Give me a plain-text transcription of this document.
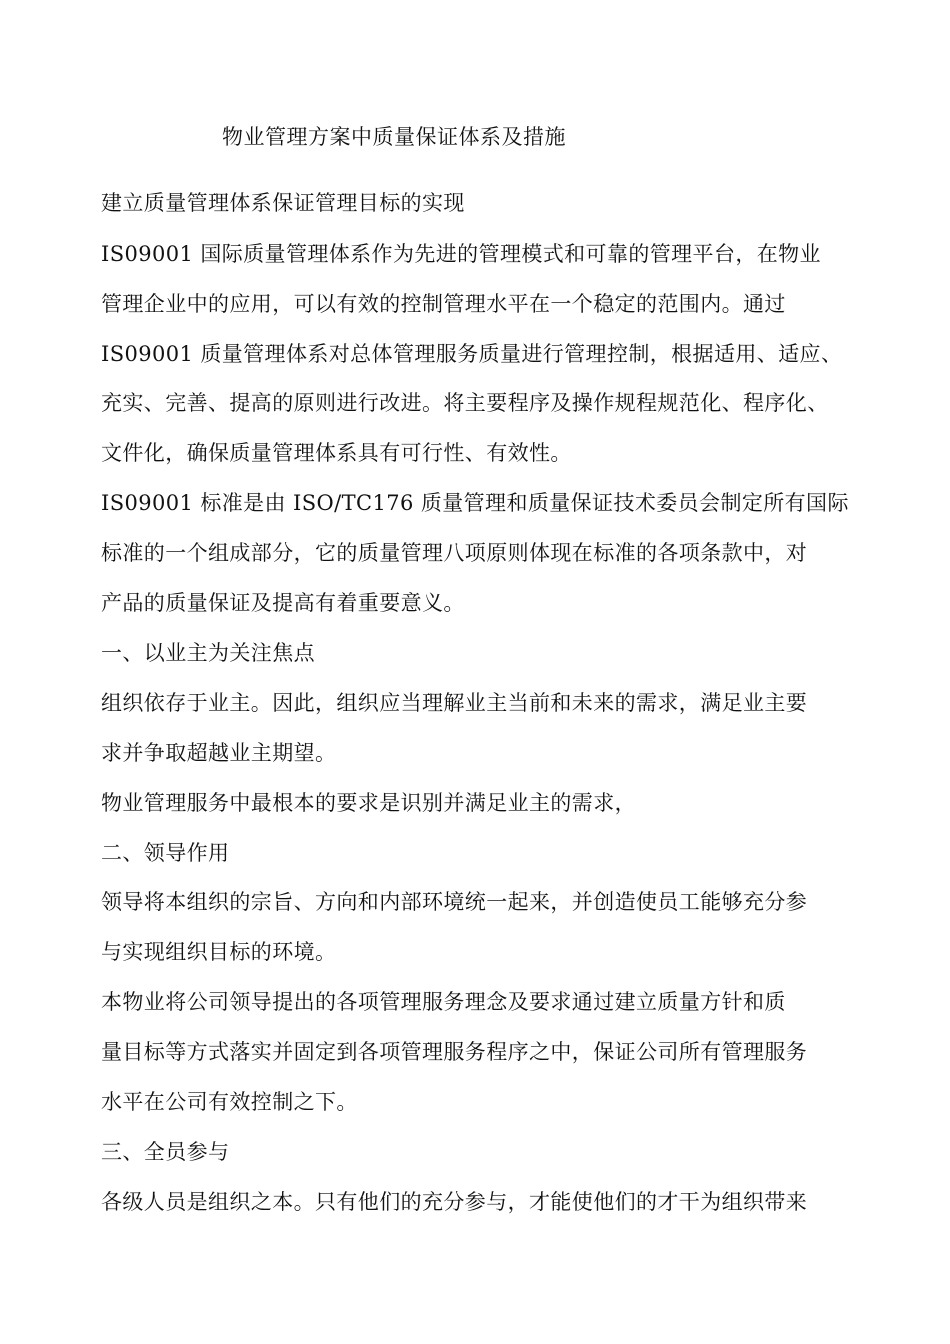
物业管理方案中质量保证体系及措施
建立质量管理体系保证管理目标的实现
IS09001 国际质量管理体系作为先进的管理模式和可靠的管理平台，在物业
管理企业中的应用，可以有效的控制管理水平在一个稳定的范围内。通过
IS09001 质量管理体系对总体管理服务质量进行管理控制，根据适用、适应、
充实、完善、提高的原则进行改进。将主要程序及操作规程规范化、程序化、
文件化，确保质量管理体系具有可行性、有效性。
IS09001 标准是由 ISO/TC176 质量管理和质量保证技术委员会制定所有国际
标准的一个组成部分，它的质量管理八项原则体现在标准的各项条款中，对
产品的质量保证及提高有着重要意义。
一、以业主为关注焦点
组织依存于业主。因此，组织应当理解业主当前和未来的需求，满足业主要
求并争取超越业主期望。
物业管理服务中最根本的要求是识别并满足业主的需求，
二、领导作用
领导将本组织的宗旨、方向和内部环境统一起来，并创造使员工能够充分参
与实现组织目标的环境。
本物业将公司领导提出的各项管理服务理念及要求通过建立质量方针和质
量目标等方式落实并固定到各项管理服务程序之中，保证公司所有管理服务
水平在公司有效控制之下。
三、全员参与
各级人员是组织之本。只有他们的充分参与，才能使他们的才干为组织带来
